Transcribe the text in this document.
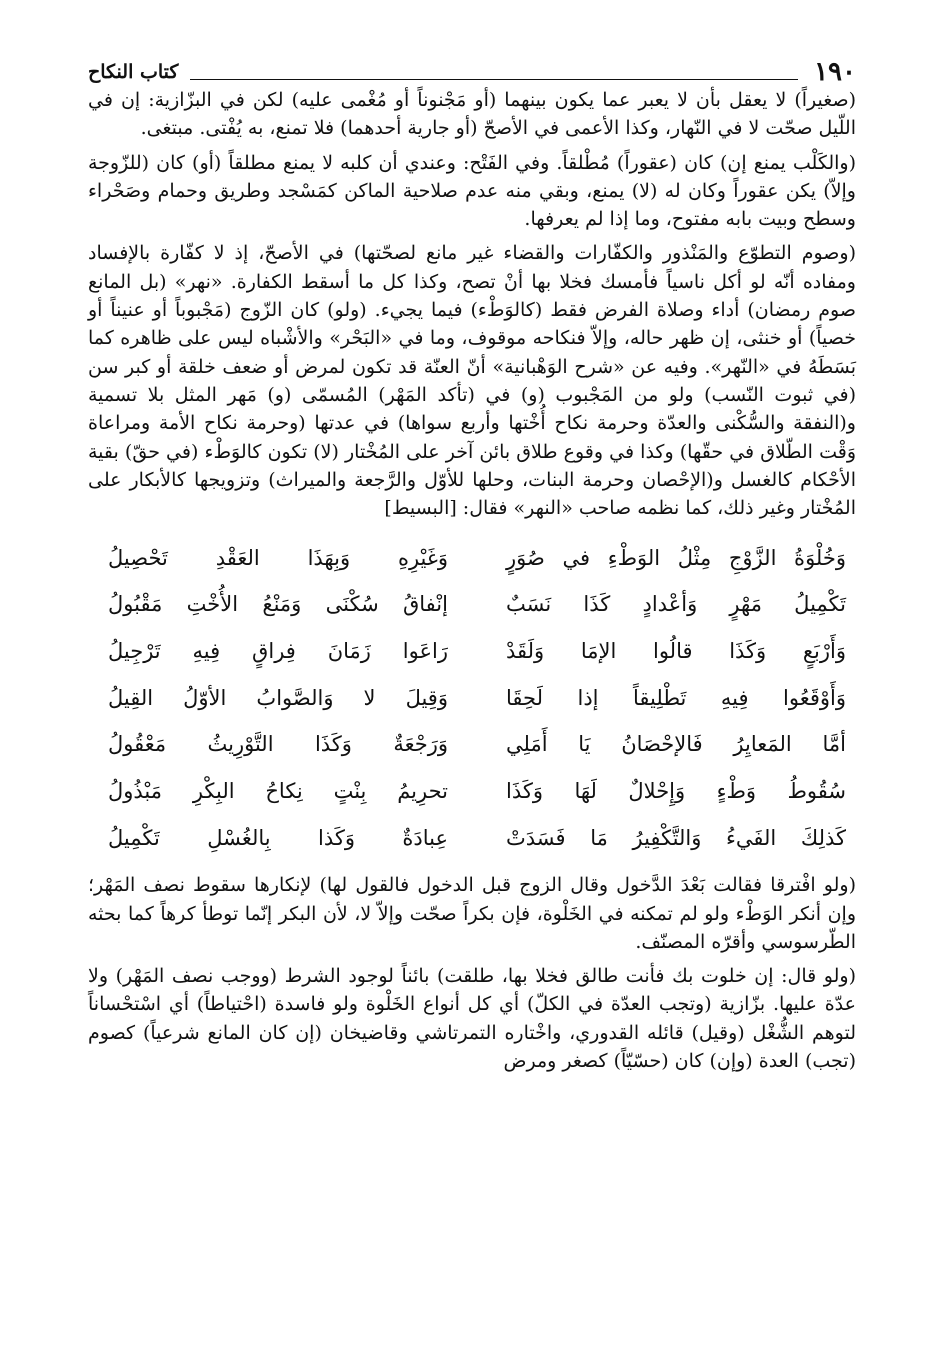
١٩٠
كتاب النكاح

(صغيراً) لا يعقل بأن لا يعبر عما يكون بينهما (أو مَجْنوناً أو مُغْمى عليه) لكن في البزّازية: إن في اللّيل صحّت لا في النّهار، وكذا الأعمى في الأصحّ (أو جارية أحدهما) فلا تمنع، به يُفْتى. مبتغى.

(والكَلْب يمنع إن) كان (عقوراً) مُطْلقاً. وفي الفَتْح: وعندي أن كلبه لا يمنع مطلقاً (أو) كان (للزّوجة وإلاّ) يكن عقوراً وكان له (لا) يمنع، وبقي منه عدم صلاحية الماكن كمَسْجد وطريق وحمام وصَحْراء وسطح وبيت بابه مفتوح، وما إذا لم يعرفها.

(وصوم التطوّع والمَنْذور والكفّارات والقضاء غير مانع لصحّتها) في الأصحّ، إذ لا كفّارة بالإفساد ومفاده أنّه لو أكل ناسياً فأمسك فخلا بها أنْ تصح، وكذا كل ما أسقط الكفارة. «نهر» (بل المانع صوم رمضان) أداء وصلاة الفرض فقط (كالوَطْء) فيما يجيء. (ولو) كان الزّوج (مَجْبوباً أو عنيناً أو خصياً) أو خنثى، إن ظهر حاله، وإلاّ فنكاحه موقوف، وما في «البَحْر» والأشْباه ليس على ظاهره كما بَسَطَهُ في «النّهر». وفيه عن «شرح الوَهْبانية» أنّ العنّة قد تكون لمرض أو ضعف خلقة أو كبر سن (في ثبوت النّسب) ولو من المَجْبوب (و) في (تأكد المَهْر) المُسمّى (و) مَهر المثل بلا تسمية و(النفقة والسُّكْنى والعدّة وحرمة نكاح أُخْتها وأربع سواها) في عدتها (وحرمة نكاح الأمة ومراعاة وَقْت الطّلاق في حقّها) وكذا في وقوع طلاق بائن آخر على المُخْتار (لا) تكون كالوَطْء (في حقّ) بقية الأحْكام كالغسل و(الإحْصان وحرمة البنات، وحلها للأوّل والرَّجعة والميراث) وتزويجها كالأبكار على المُخْتار وغير ذلك، كما نظمه صاحب «النهر» فقال: [البسيط]

وَخُلْوَةُ الزَّوْجِ مِثْلُ الوَطْءِ في صُوَرٍ
وَغَيْرِهِ وَبِهَذَا العَقْدِ تَحْصِيلُ
تَكْمِيلُ مَهْرٍ وَأعْدادٍ كَذَا نَسَبٌ
إنْفاقُ سُكْنَى وَمَنْعُ الأُخْتِ مَقْبُولُ
وَأَرْبَعٍ وَكَذَا قالُوا الإمَا وَلَقَدْ
رَاعَوا زَمَانَ فِراقٍ فِيهِ تَرْجِيلُ
وَأَوْقَعُوا فِيهِ تَطْلِيقاً إذا لَحِقَا
وَقِيلَ لا وَالصَّوابُ الأوّلُ القِيلُ
أمَّا المَعايِرُ فَالإحْصَانُ يَا أَمَلِي
وَرَجْعَةٌ وَكَذَا التَّوْرِيثُ مَعْقُولُ
سُقُوطُ وَطْءٍ وَإِحْلالٌ لَهَا وَكَذَا
تحرِيمُ بِنْتٍ نِكاحُ البِكْرِ مَبْذُولُ
كَذلِكَ الفَيءُ وَالتَّكْفِيرُ مَا فَسَدَتْ
عِبادَةٌ وَكَذا بِالغُسْلِ تَكْمِيلُ

(ولو افْترقا فقالت بَعْدَ الدَّخول وقال الزوج قبل الدخول فالقول لها) لإنكارها سقوط نصف المَهْر؛ وإن أنكر الوَطْء ولو لم تمكنه في الخَلْوة، فإن بكراً صحّت وإلاّ لا، لأن البكر إنّما توطأ كرهاً كما بحثه الطّرسوسي وأقرّه المصنّف.

(ولو قال: إن خلوت بك فأنت طالق فخلا بها، طلقت) بائناً لوجود الشرط (ووجب نصف المَهْر) ولا عدّة عليها. بزّازية (وتجب العدّة في الكلّ) أي كل أنواع الخَلْوة ولو فاسدة (احْتياطاً) أي اسْتحْساناً لتوهم الشُّغْل (وقيل) قائله القدوري، واخْتاره التمرتاشي وقاضيخان (إن كان المانع شرعياً) كصوم (تجب) العدة (وإن) كان (حسّيّاً) كصغر ومرض
